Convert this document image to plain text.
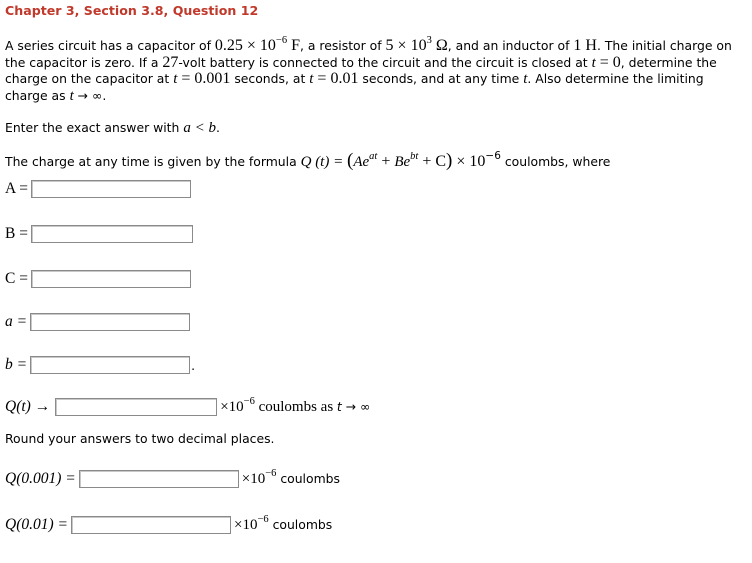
Chapter 3, Section 3.8, Question 12
A series circuit has a capacitor of $0.25 \times 10^{-6}$ F, a resistor of $5 \times 10^3$ Ω, and an inductor of 1 H. The initial charge on the capacitor is zero. If a 27-volt battery is connected to the circuit and the circuit is closed at t = 0, determine the charge on the capacitor at t = 0.001 seconds, at t = 0.01 seconds, and at any time t. Also determine the limiting charge as t → ∞.
Enter the exact answer with a < b.
The charge at any time is given by the formula Q $(t) = (Ae^{at} + Be^{bt} + C) \times 10^{-6}$ coulombs, where
A =
B =
C =
a =
b =	.
Q(t) →	$\times 10^{-6}$ coulombs as t → ∞
Round your answers to two decimal places.
Q(0.001) =	$\times 10^{-6}$ coulombs
Q(0.01) =	$\times 10^{-6}$ coulombs
